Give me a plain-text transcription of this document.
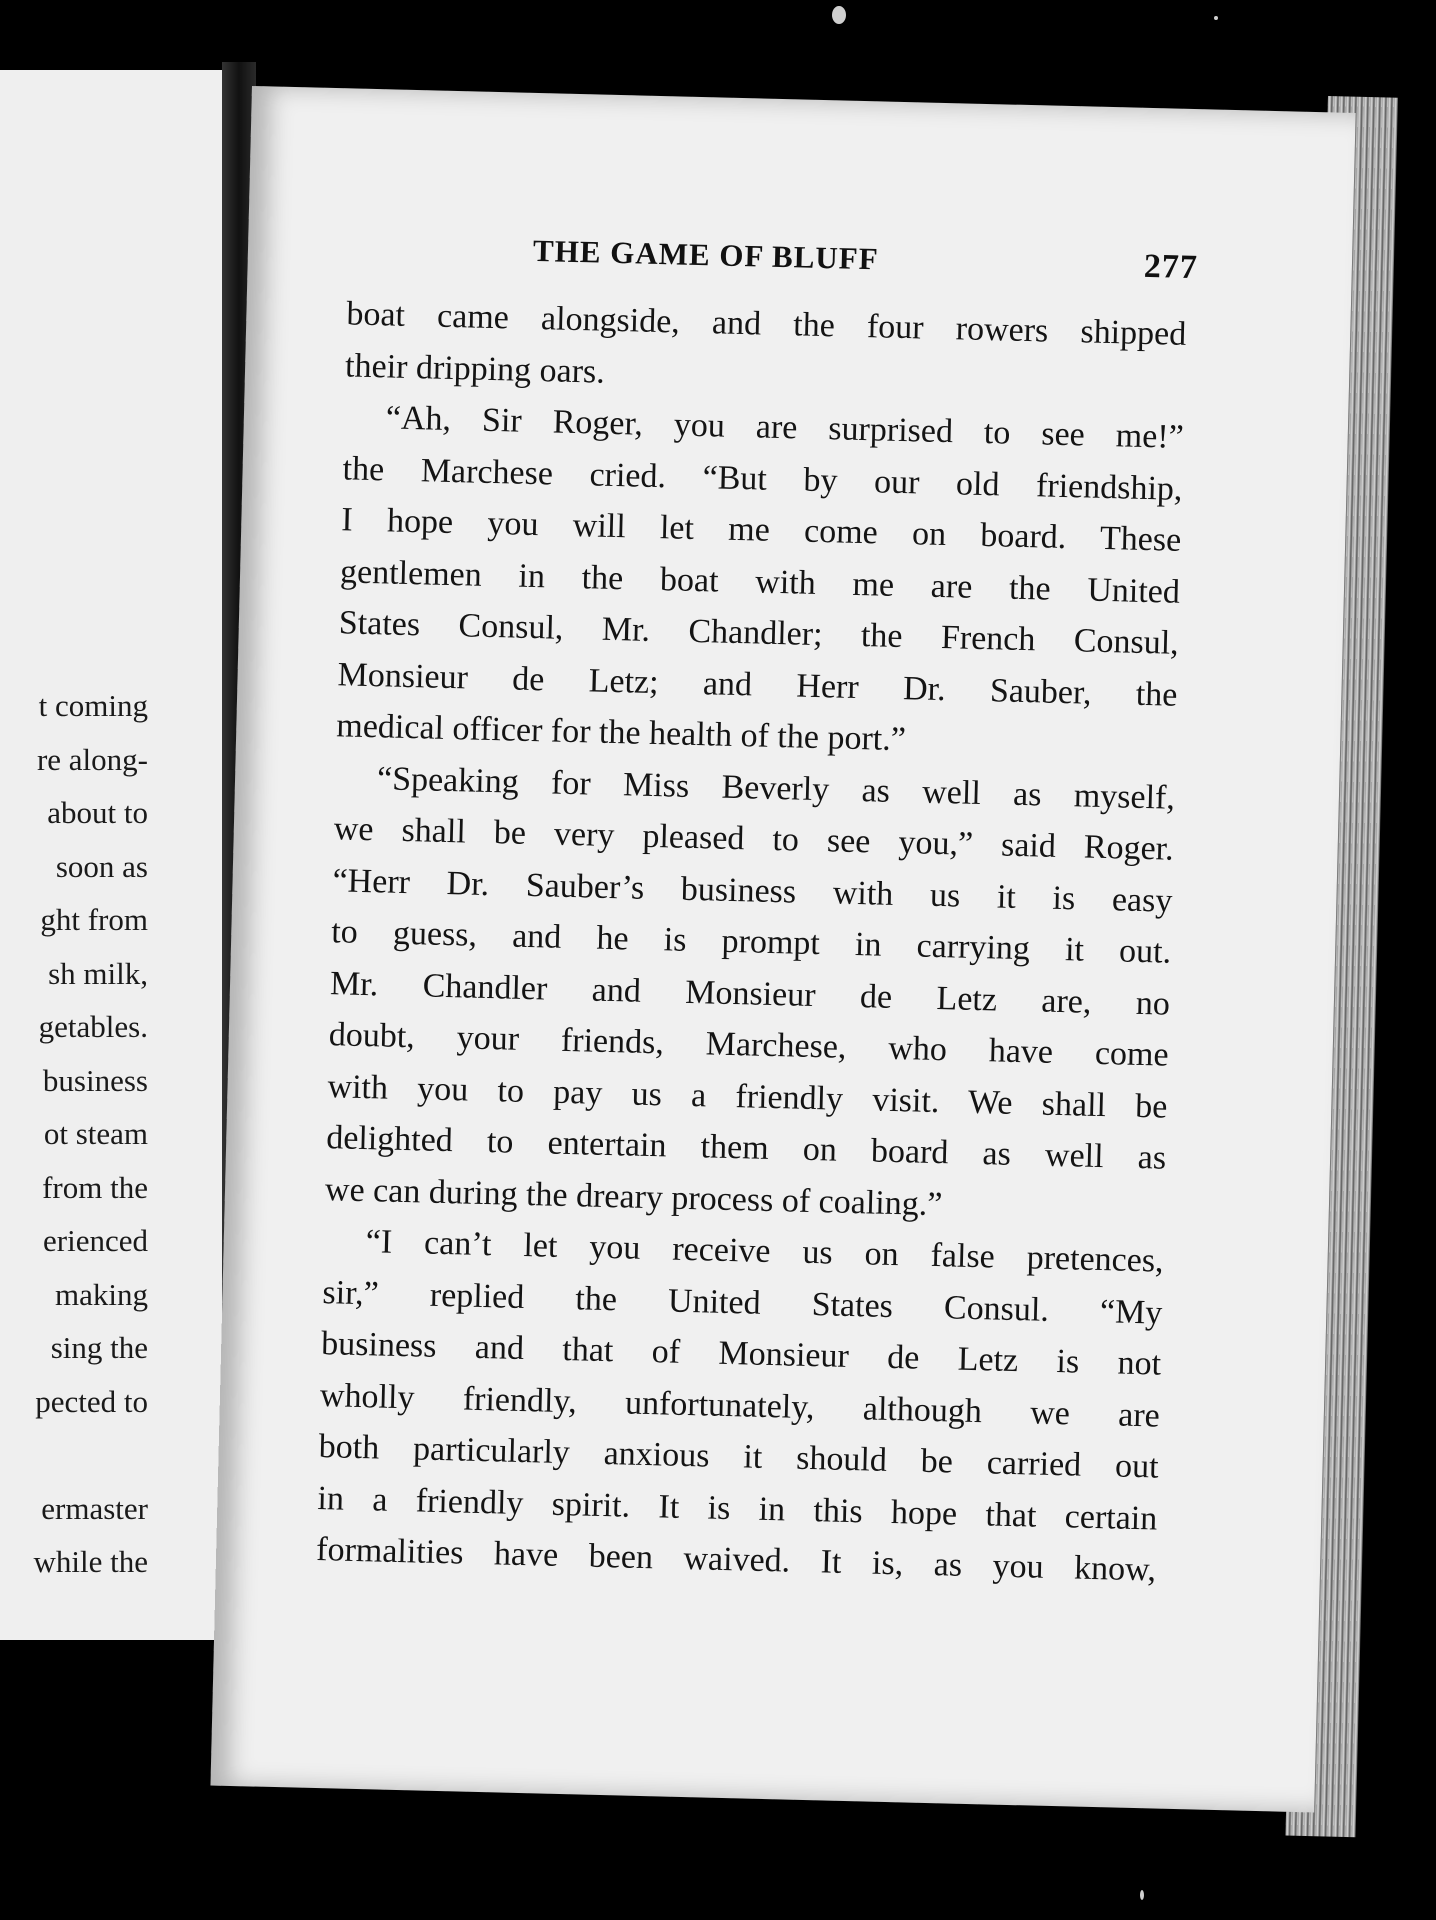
t coming
re along-
about to
soon as
ght from
sh milk,
getables.
business
ot steam
from the
erienced
making
sing the
pected to
ermaster
while the
THE GAME OF BLUFF	277
boat came alongside, and the four rowers shipped
their dripping oars.
“Ah, Sir Roger, you are surprised to see me!”
the Marchese cried. “But by our old friendship,
I hope you will let me come on board. These
gentlemen in the boat with me are the United
States Consul, Mr. Chandler; the French Consul,
Monsieur de Letz; and Herr Dr. Sauber, the
medical officer for the health of the port.”
“Speaking for Miss Beverly as well as myself,
we shall be very pleased to see you,” said Roger.
“Herr Dr. Sauber’s business with us it is easy
to guess, and he is prompt in carrying it out.
Mr. Chandler and Monsieur de Letz are, no
doubt, your friends, Marchese, who have come
with you to pay us a friendly visit. We shall be
delighted to entertain them on board as well as
we can during the dreary process of coaling.”
“I can’t let you receive us on false pretences,
sir,” replied the United States Consul. “My
business and that of Monsieur de Letz is not
wholly friendly, unfortunately, although we are
both particularly anxious it should be carried out
in a friendly spirit. It is in this hope that certain
formalities have been waived. It is, as you know,
